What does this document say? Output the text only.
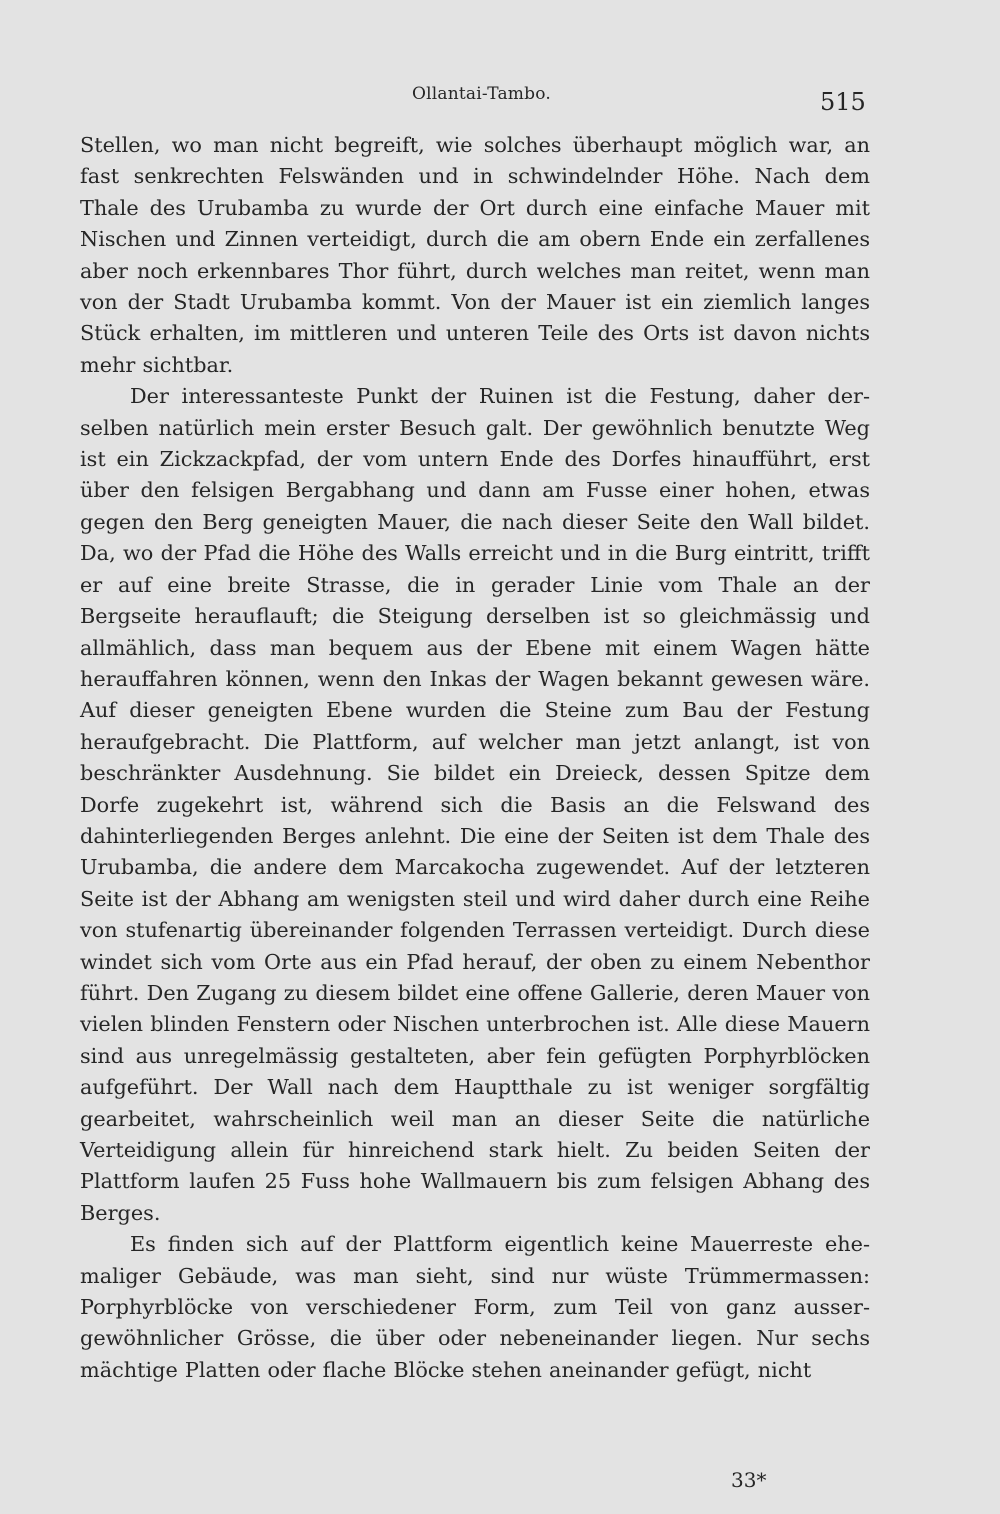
Ollantai-Tambo.	515

Stellen, wo man nicht begreift, wie solches überhaupt möglich war, an fast senkrechten Felswänden und in schwindelnder Höhe. Nach dem Thale des Urubamba zu wurde der Ort durch eine einfache Mauer mit Nischen und Zinnen verteidigt, durch die am obern Ende ein zerfallenes aber noch erkennbares Thor führt, durch welches man reitet, wenn man von der Stadt Urubamba kommt. Von der Mauer ist ein ziemlich langes Stück erhalten, im mittleren und unteren Teile des Orts ist davon nichts mehr sichtbar.

Der interessanteste Punkt der Ruinen ist die Festung, daher derselben natürlich mein erster Besuch galt. Der gewöhnlich benutzte Weg ist ein Zickzackpfad, der vom untern Ende des Dorfes hinaufführt, erst über den felsigen Bergabhang und dann am Fusse einer hohen, etwas gegen den Berg geneigten Mauer, die nach dieser Seite den Wall bildet. Da, wo der Pfad die Höhe des Walls erreicht und in die Burg eintritt, trifft er auf eine breite Strasse, die in gerader Linie vom Thale an der Bergseite herauflauft; die Steigung derselben ist so gleichmässig und allmählich, dass man bequem aus der Ebene mit einem Wagen hätte herauffahren können, wenn den Inkas der Wagen bekannt gewesen wäre. Auf dieser geneigten Ebene wurden die Steine zum Bau der Festung heraufgebracht. Die Plattform, auf welcher man jetzt anlangt, ist von beschränkter Ausdehnung. Sie bildet ein Dreieck, dessen Spitze dem Dorfe zugekehrt ist, während sich die Basis an die Felswand des dahinterliegenden Berges anlehnt. Die eine der Seiten ist dem Thale des Urubamba, die andere dem Marcakocha zugewendet. Auf der letzteren Seite ist der Abhang am wenigsten steil und wird daher durch eine Reihe von stufenartig übereinander folgenden Terrassen verteidigt. Durch diese windet sich vom Orte aus ein Pfad herauf, der oben zu einem Nebenthor führt. Den Zugang zu diesem bildet eine offene Gallerie, deren Mauer von vielen blinden Fenstern oder Nischen unterbrochen ist. Alle diese Mauern sind aus unregelmässig gestalteten, aber fein gefügten Porphyrblöcken aufgeführt. Der Wall nach dem Hauptthale zu ist weniger sorgfältig gearbeitet, wahrscheinlich weil man an dieser Seite die natürliche Verteidigung allein für hinreichend stark hielt. Zu beiden Seiten der Plattform laufen 25 Fuss hohe Wallmauern bis zum felsigen Abhang des Berges.

Es finden sich auf der Plattform eigentlich keine Mauerreste ehemaliger Gebäude, was man sieht, sind nur wüste Trümmermassen: Porphyrblöcke von verschiedener Form, zum Teil von ganz aussergewöhnlicher Grösse, die über oder nebeneinander liegen. Nur sechs mächtige Platten oder flache Blöcke stehen aneinander gefügt, nicht

33*
